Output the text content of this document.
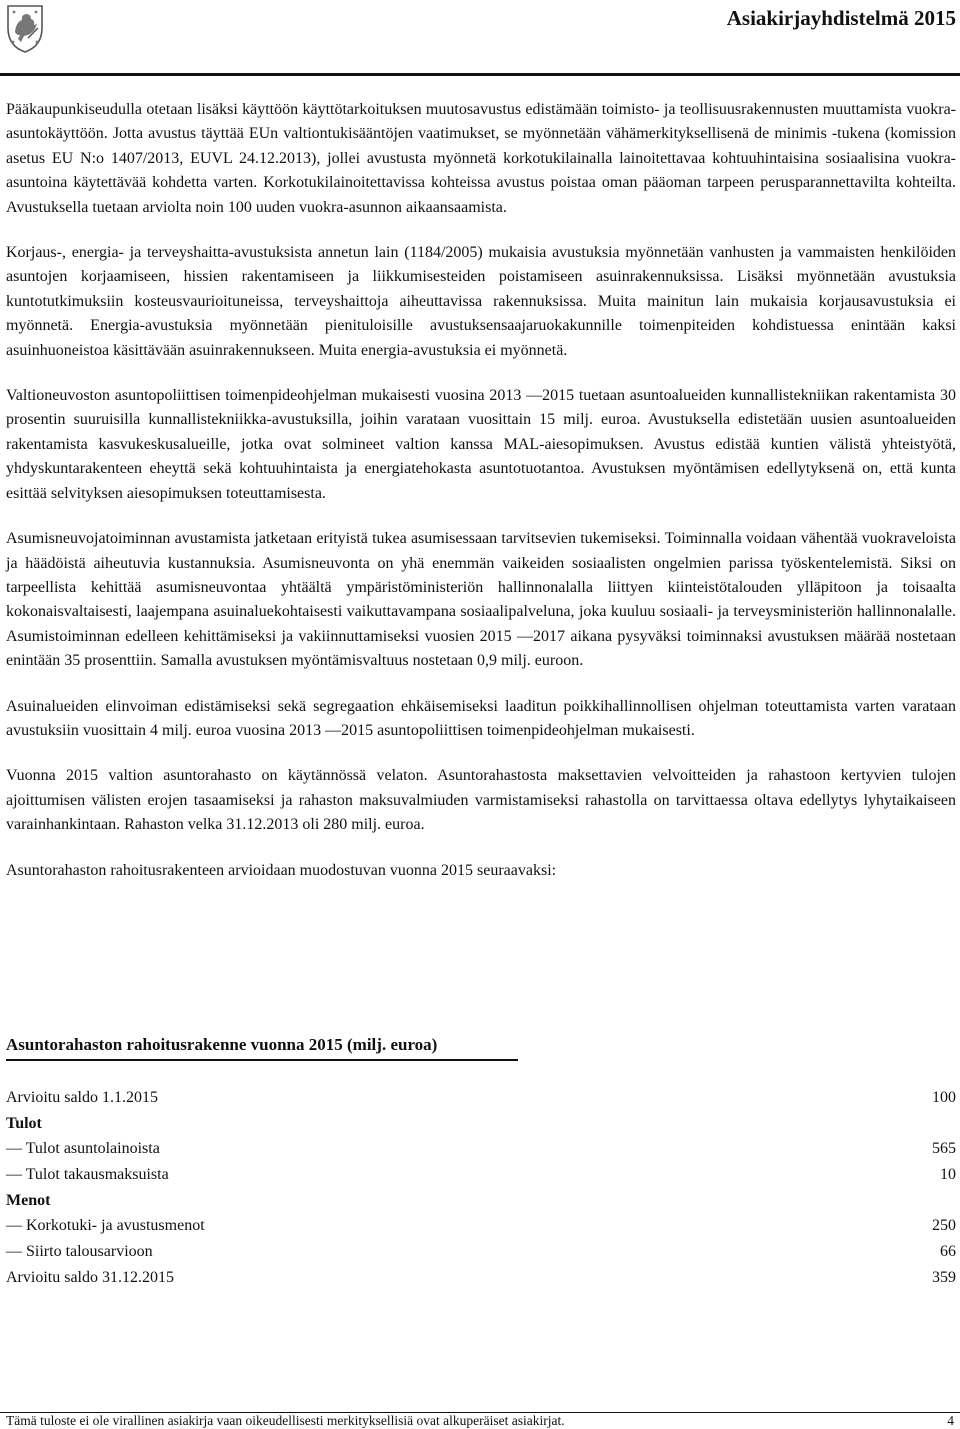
Asiakirjayhdistelmä 2015

Pääkaupunkiseudulla otetaan lisäksi käyttöön käyttötarkoituksen muutosavustus edistämään toimisto- ja teollisuusrakennusten muuttamista vuokra-asuntokäyttöön. Jotta avustus täyttää EUn valtiontukisääntöjen vaatimukset, se myönnetään vähämerkityksellisenä de minimis -tukena (komission asetus EU N:o 1407/2013, EUVL 24.12.2013), jollei avustusta myönnetä korkotukilainalla lainoitettavaa kohtuuhintaisina sosiaalisina vuokra-asuntoina käytettävää kohdetta varten. Korkotukilainoitettavissa kohteissa avustus poistaa oman pääoman tarpeen perusparannettavilta kohteilta. Avustuksella tuetaan arviolta noin 100 uuden vuokra-asunnon aikaansaamista.

Korjaus-, energia- ja terveyshaitta-avustuksista annetun lain (1184/2005) mukaisia avustuksia myönnetään vanhusten ja vammaisten henkilöiden asuntojen korjaamiseen, hissien rakentamiseen ja liikkumisesteiden poistamiseen asuinrakennuksissa. Lisäksi myönnetään avustuksia kuntotutkimuksiin kosteusvaurioituneissa, terveyshaittoja aiheuttavissa rakennuksissa. Muita mainitun lain mukaisia korjausavustuksia ei myönnetä. Energia-avustuksia myönnetään pienituloisille avustuksensaajaruokakunnille toimenpiteiden kohdistuessa enintään kaksi asuinhuoneistoa käsittävään asuinrakennukseen. Muita energia-avustuksia ei myönnetä.

Valtioneuvoston asuntopoliittisen toimenpideohjelman mukaisesti vuosina 2013 —2015 tuetaan asuntoalueiden kunnallistekniikan rakentamista 30 prosentin suuruisilla kunnallistekniikka-avustuksilla, joihin varataan vuosittain 15 milj. euroa. Avustuksella edistetään uusien asuntoalueiden rakentamista kasvukeskusalueille, jotka ovat solmineet valtion kanssa MAL-aiesopimuksen. Avustus edistää kuntien välistä yhteistyötä, yhdyskuntarakenteen eheyttä sekä kohtuuhintaista ja energiatehokasta asuntotuotantoa. Avustuksen myöntämisen edellytyksenä on, että kunta esittää selvityksen aiesopimuksen toteuttamisesta.

Asumisneuvojatoiminnan avustamista jatketaan erityistä tukea asumisessaan tarvitsevien tukemiseksi. Toiminnalla voidaan vähentää vuokraveloista ja häädöistä aiheutuvia kustannuksia. Asumisneuvonta on yhä enemmän vaikeiden sosiaalisten ongelmien parissa työskentelemistä. Siksi on tarpeellista kehittää asumisneuvontaa yhtäältä ympäristöministeriön hallinnonalalla liittyen kiinteistötalouden ylläpitoon ja toisaalta kokonaisvaltaisesti, laajempana asuinaluekohtaisesti vaikuttavampana sosiaalipalveluna, joka kuuluu sosiaali- ja terveysministeriön hallinnonalalle. Asumistoiminnan edelleen kehittämiseksi ja vakiinnuttamiseksi vuosien 2015 —2017 aikana pysyväksi toiminnaksi avustuksen määrää nostetaan enintään 35 prosenttiin. Samalla avustuksen myöntämisvaltuus nostetaan 0,9 milj. euroon.

Asuinalueiden elinvoiman edistämiseksi sekä segregaation ehkäisemiseksi laaditun poikkihallinnollisen ohjelman toteuttamista varten varataan avustuksiin vuosittain 4 milj. euroa vuosina 2013 —2015 asuntopoliittisen toimenpideohjelman mukaisesti.

Vuonna 2015 valtion asuntorahasto on käytännössä velaton. Asuntorahastosta maksettavien velvoitteiden ja rahastoon kertyvien tulojen ajoittumisen välisten erojen tasaamiseksi ja rahaston maksuvalmiuden varmistamiseksi rahastolla on tarvittaessa oltava edellytys lyhytaikaiseen varainhankintaan. Rahaston velka 31.12.2013 oli 280 milj. euroa.

Asuntorahaston rahoitusrakenteen arvioidaan muodostuvan vuonna 2015 seuraavaksi:

Asuntorahaston rahoitusrakenne vuonna 2015 (milj. euroa)
Arvioitu saldo 1.1.2015	100
Tulot
— Tulot asuntolainoista	565
— Tulot takausmaksuista	10
Menot
— Korkotuki- ja avustusmenot	250
— Siirto talousarvioon	66
Arvioitu saldo 31.12.2015	359
Tämä tuloste ei ole virallinen asiakirja vaan oikeudellisesti merkityksellisiä ovat alkuperäiset asiakirjat.	4
